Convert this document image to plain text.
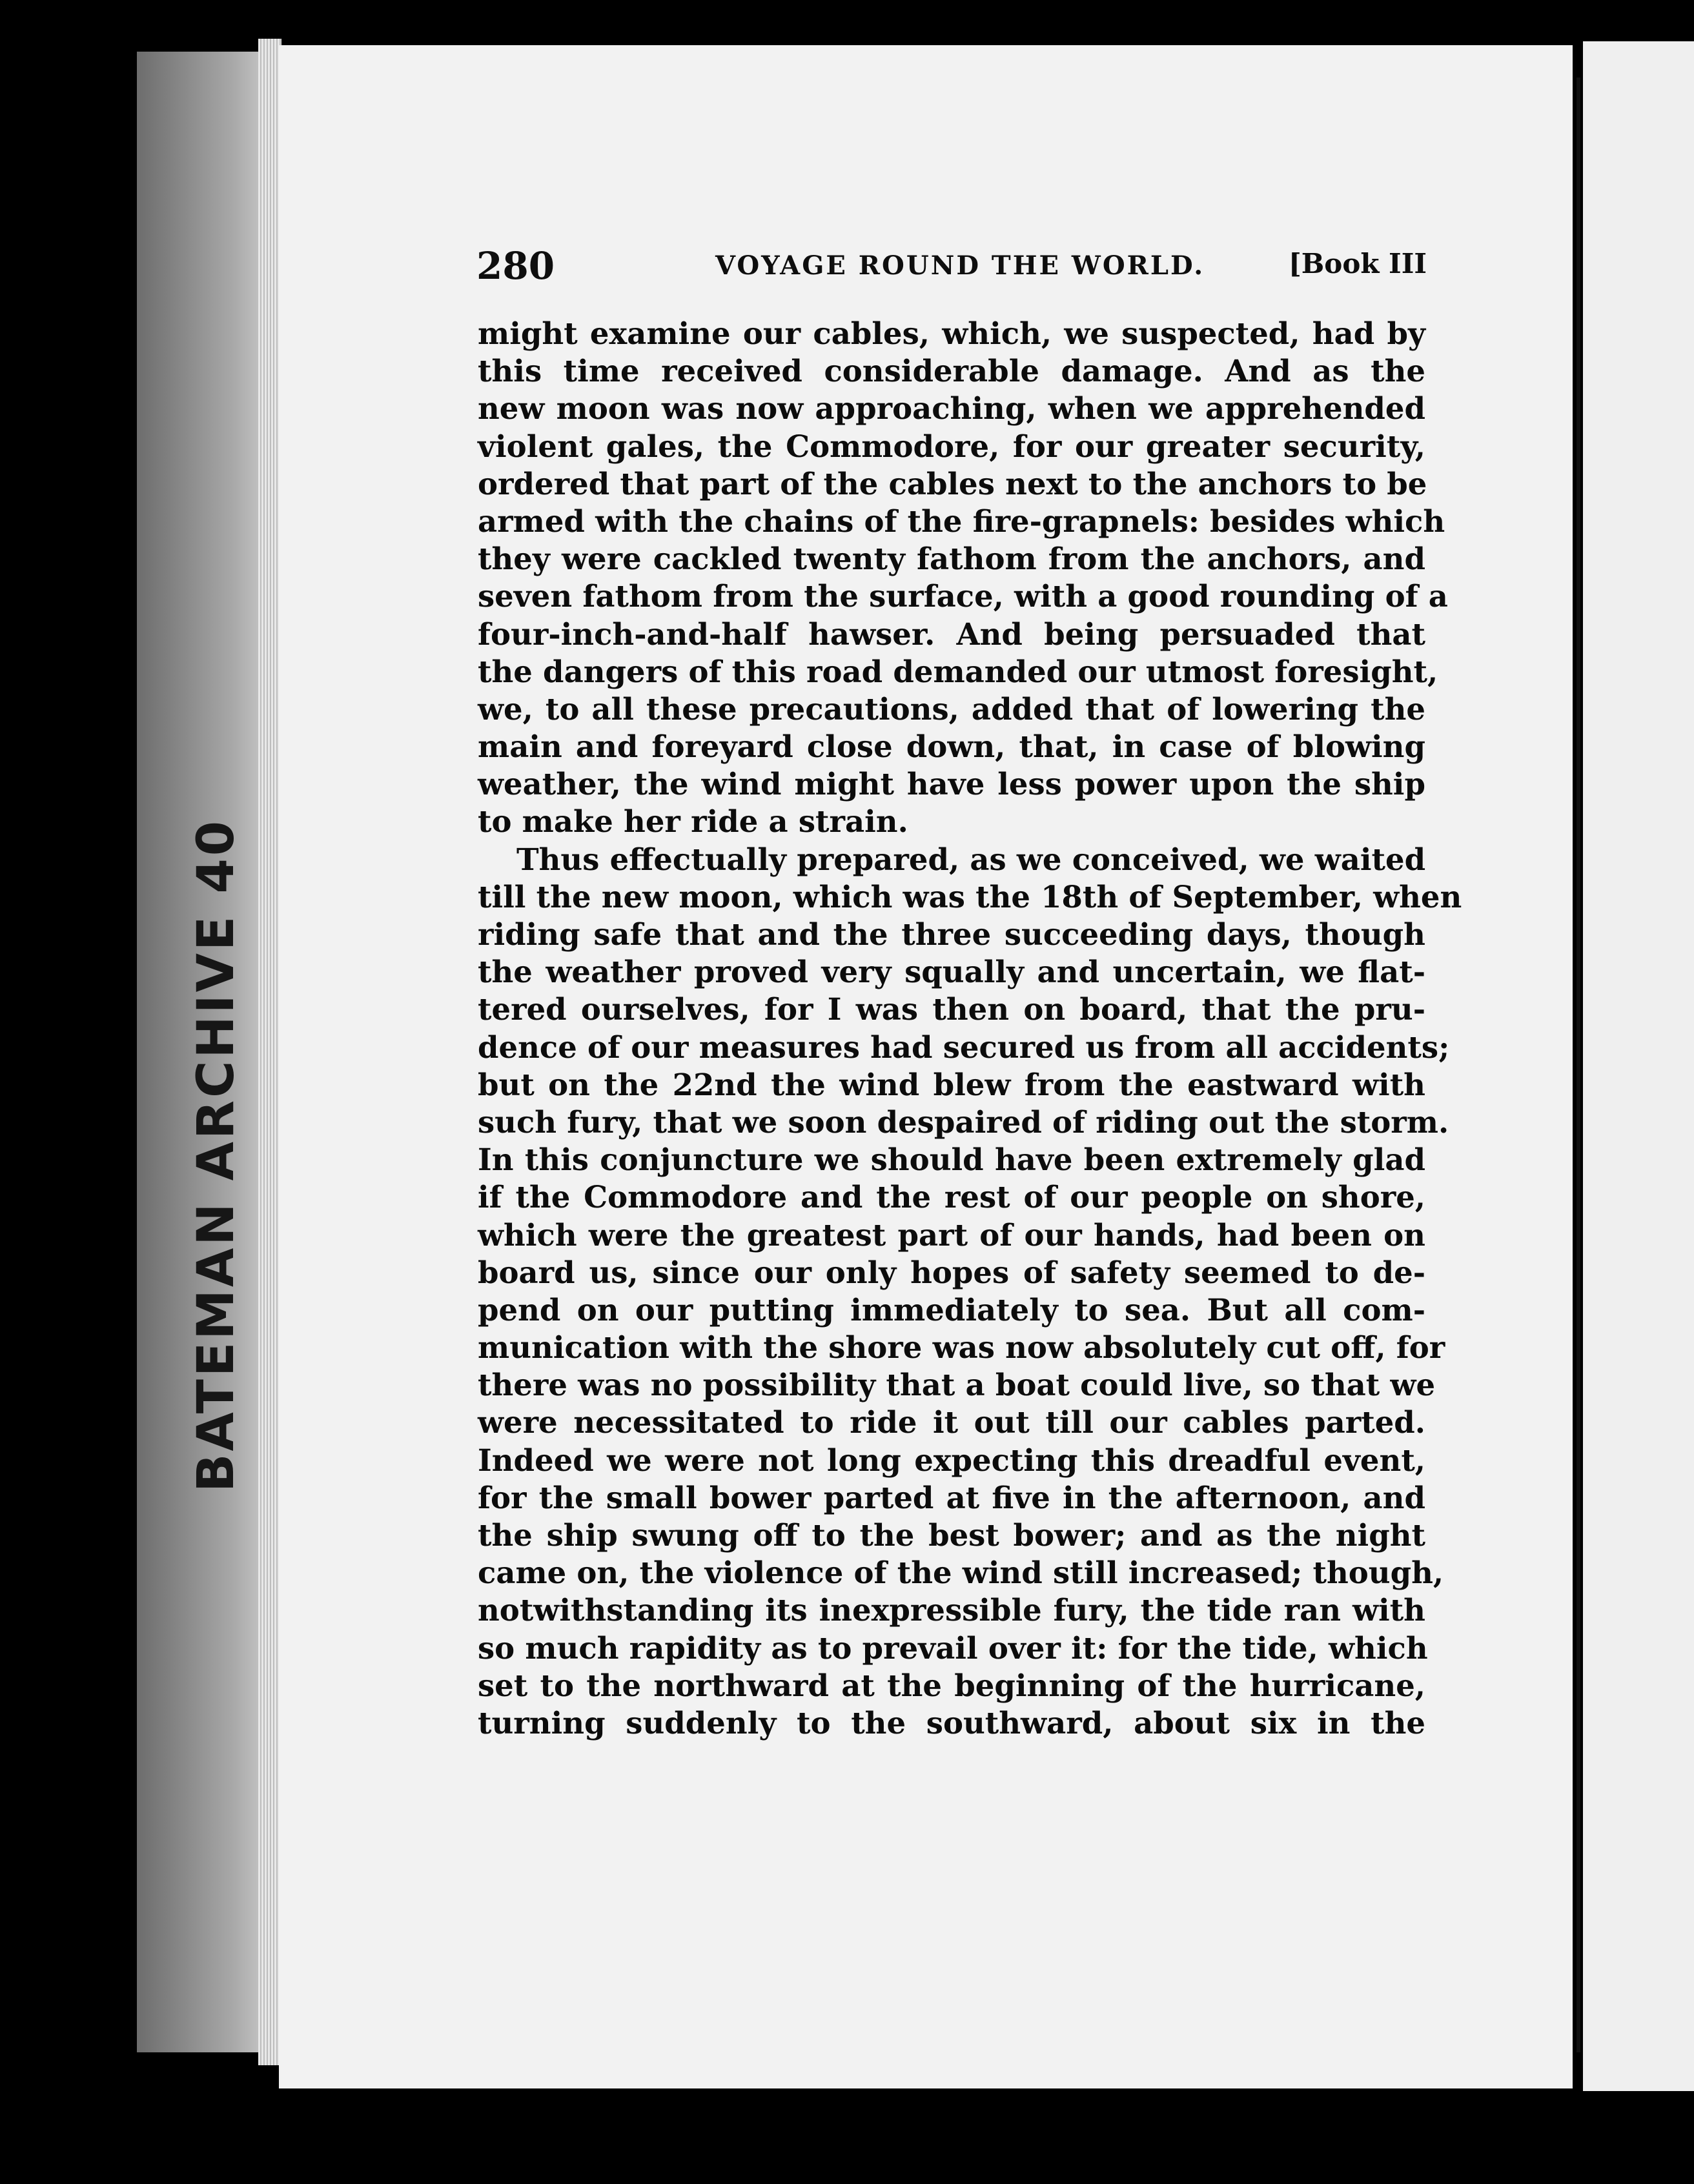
BATEMAN ARCHIVE 40
280	VOYAGE ROUND THE WORLD.	[Book III
might examine our cables, which, we suspected, had by
this time received considerable damage. And as the
new moon was now approaching, when we apprehended
violent gales, the Commodore, for our greater security,
ordered that part of the cables next to the anchors to be
armed with the chains of the fire-grapnels: besides which
they were cackled twenty fathom from the anchors, and
seven fathom from the surface, with a good rounding of a
four-inch-and-half hawser. And being persuaded that
the dangers of this road demanded our utmost foresight,
we, to all these precautions, added that of lowering the
main and foreyard close down, that, in case of blowing
weather, the wind might have less power upon the ship
to make her ride a strain.
Thus effectually prepared, as we conceived, we waited
till the new moon, which was the 18th of September, when
riding safe that and the three succeeding days, though
the weather proved very squally and uncertain, we flat-
tered ourselves, for I was then on board, that the pru-
dence of our measures had secured us from all accidents;
but on the 22nd the wind blew from the eastward with
such fury, that we soon despaired of riding out the storm.
In this conjuncture we should have been extremely glad
if the Commodore and the rest of our people on shore,
which were the greatest part of our hands, had been on
board us, since our only hopes of safety seemed to de-
pend on our putting immediately to sea. But all com-
munication with the shore was now absolutely cut off, for
there was no possibility that a boat could live, so that we
were necessitated to ride it out till our cables parted.
Indeed we were not long expecting this dreadful event,
for the small bower parted at five in the afternoon, and
the ship swung off to the best bower; and as the night
came on, the violence of the wind still increased; though,
notwithstanding its inexpressible fury, the tide ran with
so much rapidity as to prevail over it: for the tide, which
set to the northward at the beginning of the hurricane,
turning suddenly to the southward, about six in the
